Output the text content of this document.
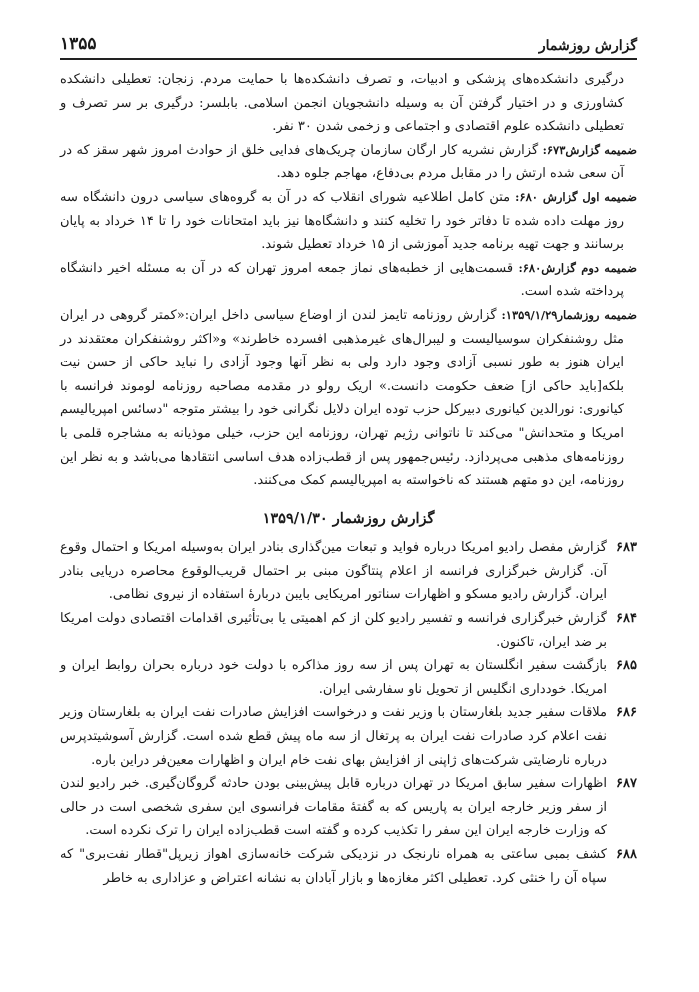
گزارش روزشمار
۱۳۵۵

درگیری دانشکده‌های پزشکی و ادبیات، و تصرف دانشکده‌ها با حمایت مردم. زنجان: تعطیلی دانشکده کشاورزی و در اختیار گرفتن آن به وسیله دانشجویان انجمن اسلامی. بابلسر: درگیری بر سر تصرف و تعطیلی دانشکده علوم اقتصادی و اجتماعی و زخمی شدن ۳۰ نفر.

ضمیمه گزارش۶۷۳: گزارش نشریه کار ارگان سازمان چریک‌های فدایی خلق از حوادث امروز شهر سقز که در آن سعی شده ارتش را در مقابل مردم بی‌دفاع، مهاجم جلوه دهد.

ضمیمه اول گزارش ۶۸۰: متن کامل اطلاعیه شورای انقلاب که در آن به گروه‌های سیاسی درون دانشگاه سه روز مهلت داده شده تا دفاتر خود را تخلیه کنند و دانشگاه‌ها نیز باید امتحانات خود را تا ۱۴ خرداد به پایان برسانند و جهت تهیه برنامه جدید آموزشی از ۱۵ خرداد تعطیل شوند.

ضمیمه دوم گزارش۶۸۰: قسمت‌هایی از خطبه‌های نماز جمعه امروز تهران که در آن به مسئله اخیر دانشگاه پرداخته شده است.

ضمیمه روزشمار۱۳۵۹/۱/۲۹: گزارش روزنامه تایمز لندن از اوضاع سیاسی داخل ایران:«کمتر گروهی در ایران مثل روشنفکران سوسیالیست و لیبرال‌های غیرمذهبی افسرده خاطرند» و«اکثر روشنفکران معتقدند در ایران هنوز به طور نسبی آزادی وجود دارد ولی به نظر آنها وجود آزادی را نباید حاکی از حسن نیت بلکه[باید حاکی از] ضعف حکومت دانست.» اریک رولو در مقدمه مصاحبه روزنامه لوموند فرانسه با کیانوری: نورالدین کیانوری دبیرکل حزب توده ایران دلایل نگرانی خود را بیشتر متوجه "دسائس امپریالیسم امریکا و متحدانش" می‌کند تا ناتوانی رژیم تهران، روزنامه این حزب، خیلی موذیانه به مشاجره قلمی با روزنامه‌های مذهبی می‌پردازد. رئیس‌جمهور پس از قطب‌زاده هدف اساسی انتقادها می‌باشد و به نظر این روزنامه، این دو متهم هستند که ناخواسته به امپریالیسم کمک می‌کنند.

گزارش روزشمار ۱۳۵۹/۱/۳۰
۶۸۳
گزارش مفصل رادیو امریکا درباره فواید و تبعات مین‌گذاری بنادر ایران به‌وسیله امریکا و احتمال وقوع آن. گزارش خبرگزاری فرانسه از اعلام پنتاگون مبنی بر احتمال قریب‌الوقوع محاصره دریایی بنادر ایران. گزارش رادیو مسکو و اظهارات سناتور امریکایی بایبن دربارهٔ استفاده از نیروی نظامی.
۶۸۴
گزارش خبرگزاری فرانسه و تفسیر رادیو کلن از کم اهمیتی یا بی‌تأثیری اقدامات اقتصادی دولت امریکا بر ضد ایران، تاکنون.
۶۸۵
بازگشت سفیر انگلستان به تهران پس از سه روز مذاکره با دولت خود درباره بحران روابط ایران و امریکا. خودداری انگلیس از تحویل ناو سفارشی ایران.
۶۸۶
ملاقات سفیر جدید بلغارستان با وزیر نفت و درخواست افزایش صادرات نفت ایران به بلغارستان وزیر نفت اعلام کرد صادرات نفت ایران به پرتغال از سه ماه پیش قطع شده است. گزارش آسوشیتدپرس درباره نارضایتی شرکت‌های ژاپنی از افزایش بهای نفت خام ایران و اظهارات معین‌فر دراین باره.
۶۸۷
اظهارات سفیر سابق امریکا در تهران درباره قابل پیش‌بینی بودن حادثه گروگان‌گیری. خبر رادیو لندن از سفر وزیر خارجه ایران به پاریس که به گفتهٔ مقامات فرانسوی این سفری شخصی است در حالی که وزارت خارجه ایران این سفر را تکذیب کرده و گفته است قطب‌زاده ایران را ترک نکرده است.
۶۸۸
کشف بمبی ساعتی به همراه نارنجک در نزدیکی شرکت خانه‌سازی اهواز زیرپل"قطار نفت‌بری" که سپاه آن را خنثی کرد. تعطیلی اکثر مغازه‌ها و بازار آبادان به نشانه اعتراض و عزاداری به خاطر
